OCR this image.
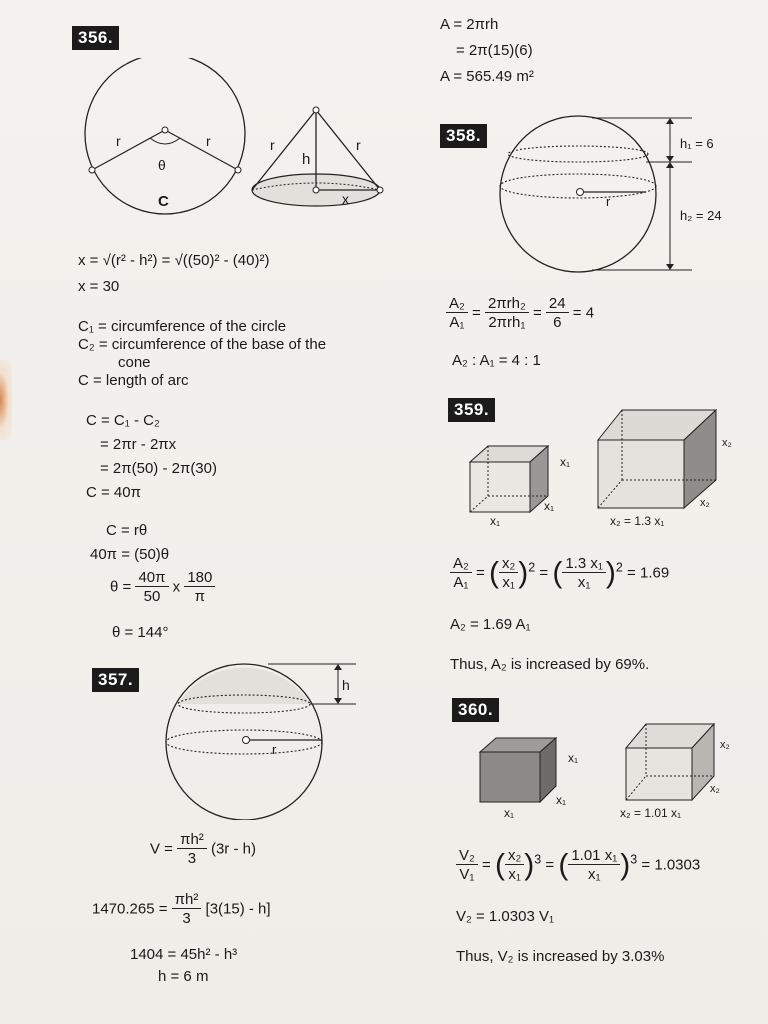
356.
r	r
θ
C
r	r
h
x
x = √(r² - h²) = √((50)² - (40)²)
x = 30
C₁ = circumference of the circle
C₂ = circumference of the base of the
cone
C = length of arc
C = C₁ - C₂
= 2πr - 2πx
= 2π(50) - 2π(30)
C = 40π
C = rθ
40π = (50)θ
$\theta = \frac{40\pi}{50}$ x $\frac{180}{\pi}$
θ = 144°
357.
r
h
$V = \frac{\text{πh²}}{3} (3r - h)$
$1470.265 = \frac{\text{πh²}}{3} [3(15) - h]$
1404 = 45h² - h³
h = 6 m
A = 2πrh
= 2π(15)(6)
A = 565.49 m²
358.
r
h₁ = 6
h₂ = 24
$\frac{\text{A₂}}{\text{A₁}} = \frac{\text{2πrh₂}}{\text{2πrh₁}} = \frac{24}{6} = 4$
A₂ : A₁ = 4 : 1
359.
x₁
x₁
x₂
x₂
x₁	x₂ = 1.3 x₁
$\frac{\text{A₂}}{\text{A₁}}$ = ( $\frac{\text{x₂}}{\text{x₁}} )^2$ = ( $\frac{\text{1.3 x₁}}{\text{x₁}} )^2 = 1.69$
A₂ = 1.69 A₁
Thus, A₂ is increased by 69%.
360.
x₁
x₁
x₂
x₂
x₁	x₂ = 1.01 x₁
$\frac{\text{V₂}}{\text{V₁}}$ = ( $\frac{\text{x₂}}{\text{x₁}} )^3$ = ( $\frac{\text{1.01 x₁}}{\text{x₁}} )^3 = 1.0303$
V₂ = 1.0303 V₁
Thus, V₂ is increased by 3.03%
